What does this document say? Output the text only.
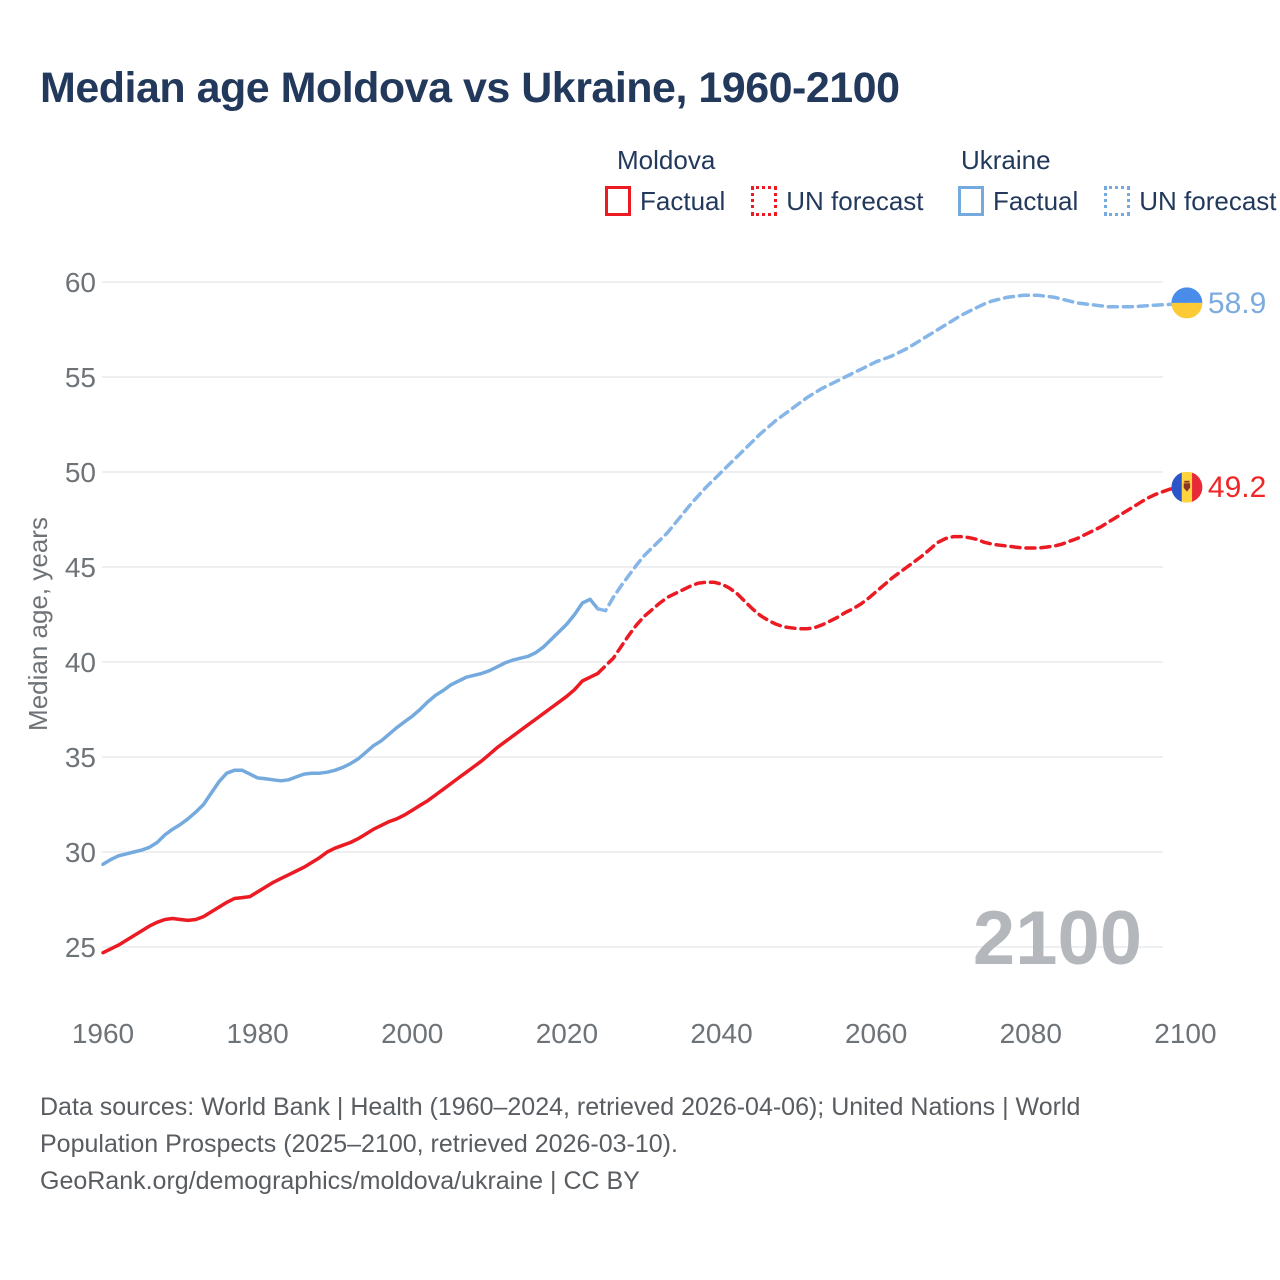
25
30
35
40
45
50
55
60
2100
1960	1980	2000	2020	2040	2060	2080	2100
Median age, years
58.9
49.2
Median age Moldova vs Ukraine, 1960-2100
Moldova
Factual UN forecast
Ukraine
Factual UN forecast
Data sources: World Bank | Health (1960–2024, retrieved 2026-04-06); United Nations | World
Population Prospects (2025–2100, retrieved 2026-03-10).
GeoRank.org/demographics/moldova/ukraine | CC BY
